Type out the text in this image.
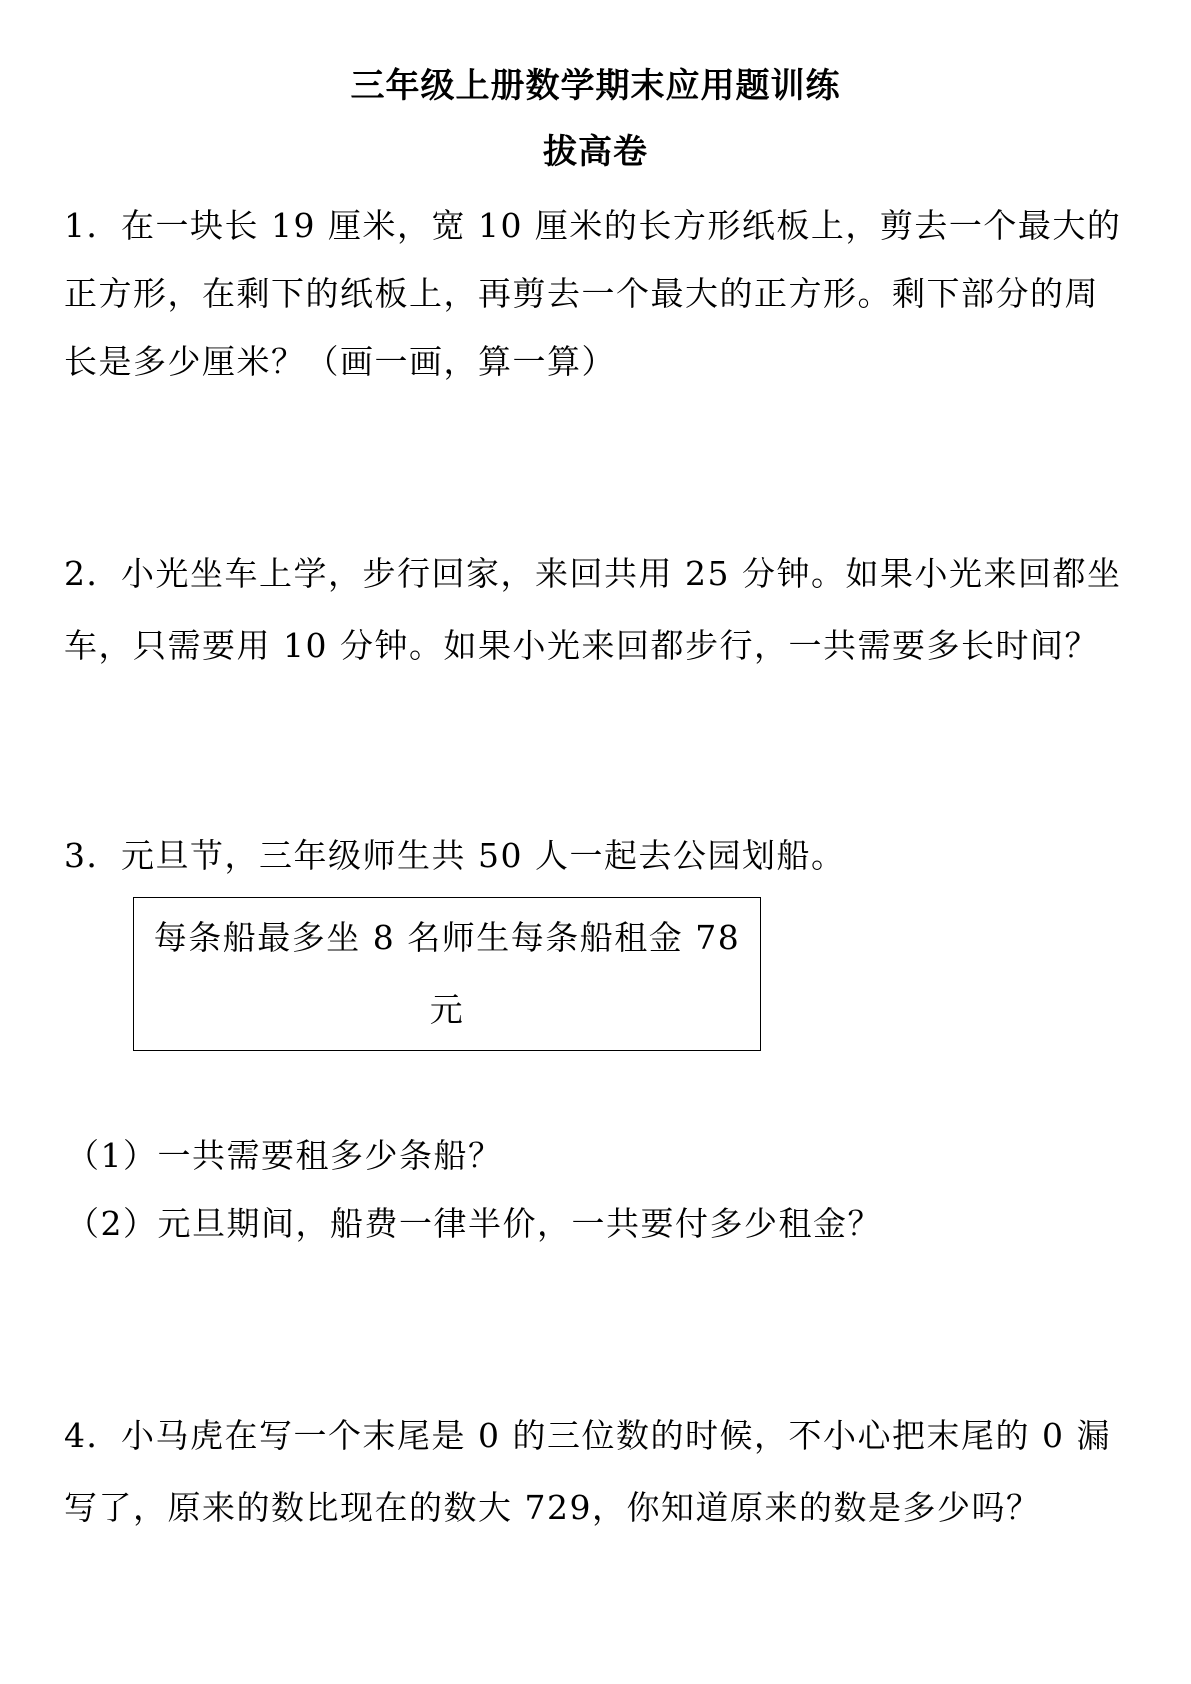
三年级上册数学期末应用题训练
拔高卷
1．在一块长 19 厘米，宽 10 厘米的长方形纸板上，剪去一个最大的
正方形，在剩下的纸板上，再剪去一个最大的正方形。剩下部分的周
长是多少厘米？（画一画，算一算）
2．小光坐车上学，步行回家，来回共用 25 分钟。如果小光来回都坐
车，只需要用 10 分钟。如果小光来回都步行，一共需要多长时间？
3．元旦节，三年级师生共 50 人一起去公园划船。
每条船最多坐 8 名师生每条船租金 78
元
（1）一共需要租多少条船？
（2）元旦期间，船费一律半价，一共要付多少租金？
4．小马虎在写一个末尾是 0 的三位数的时候，不小心把末尾的 0 漏
写了，原来的数比现在的数大 729，你知道原来的数是多少吗？
